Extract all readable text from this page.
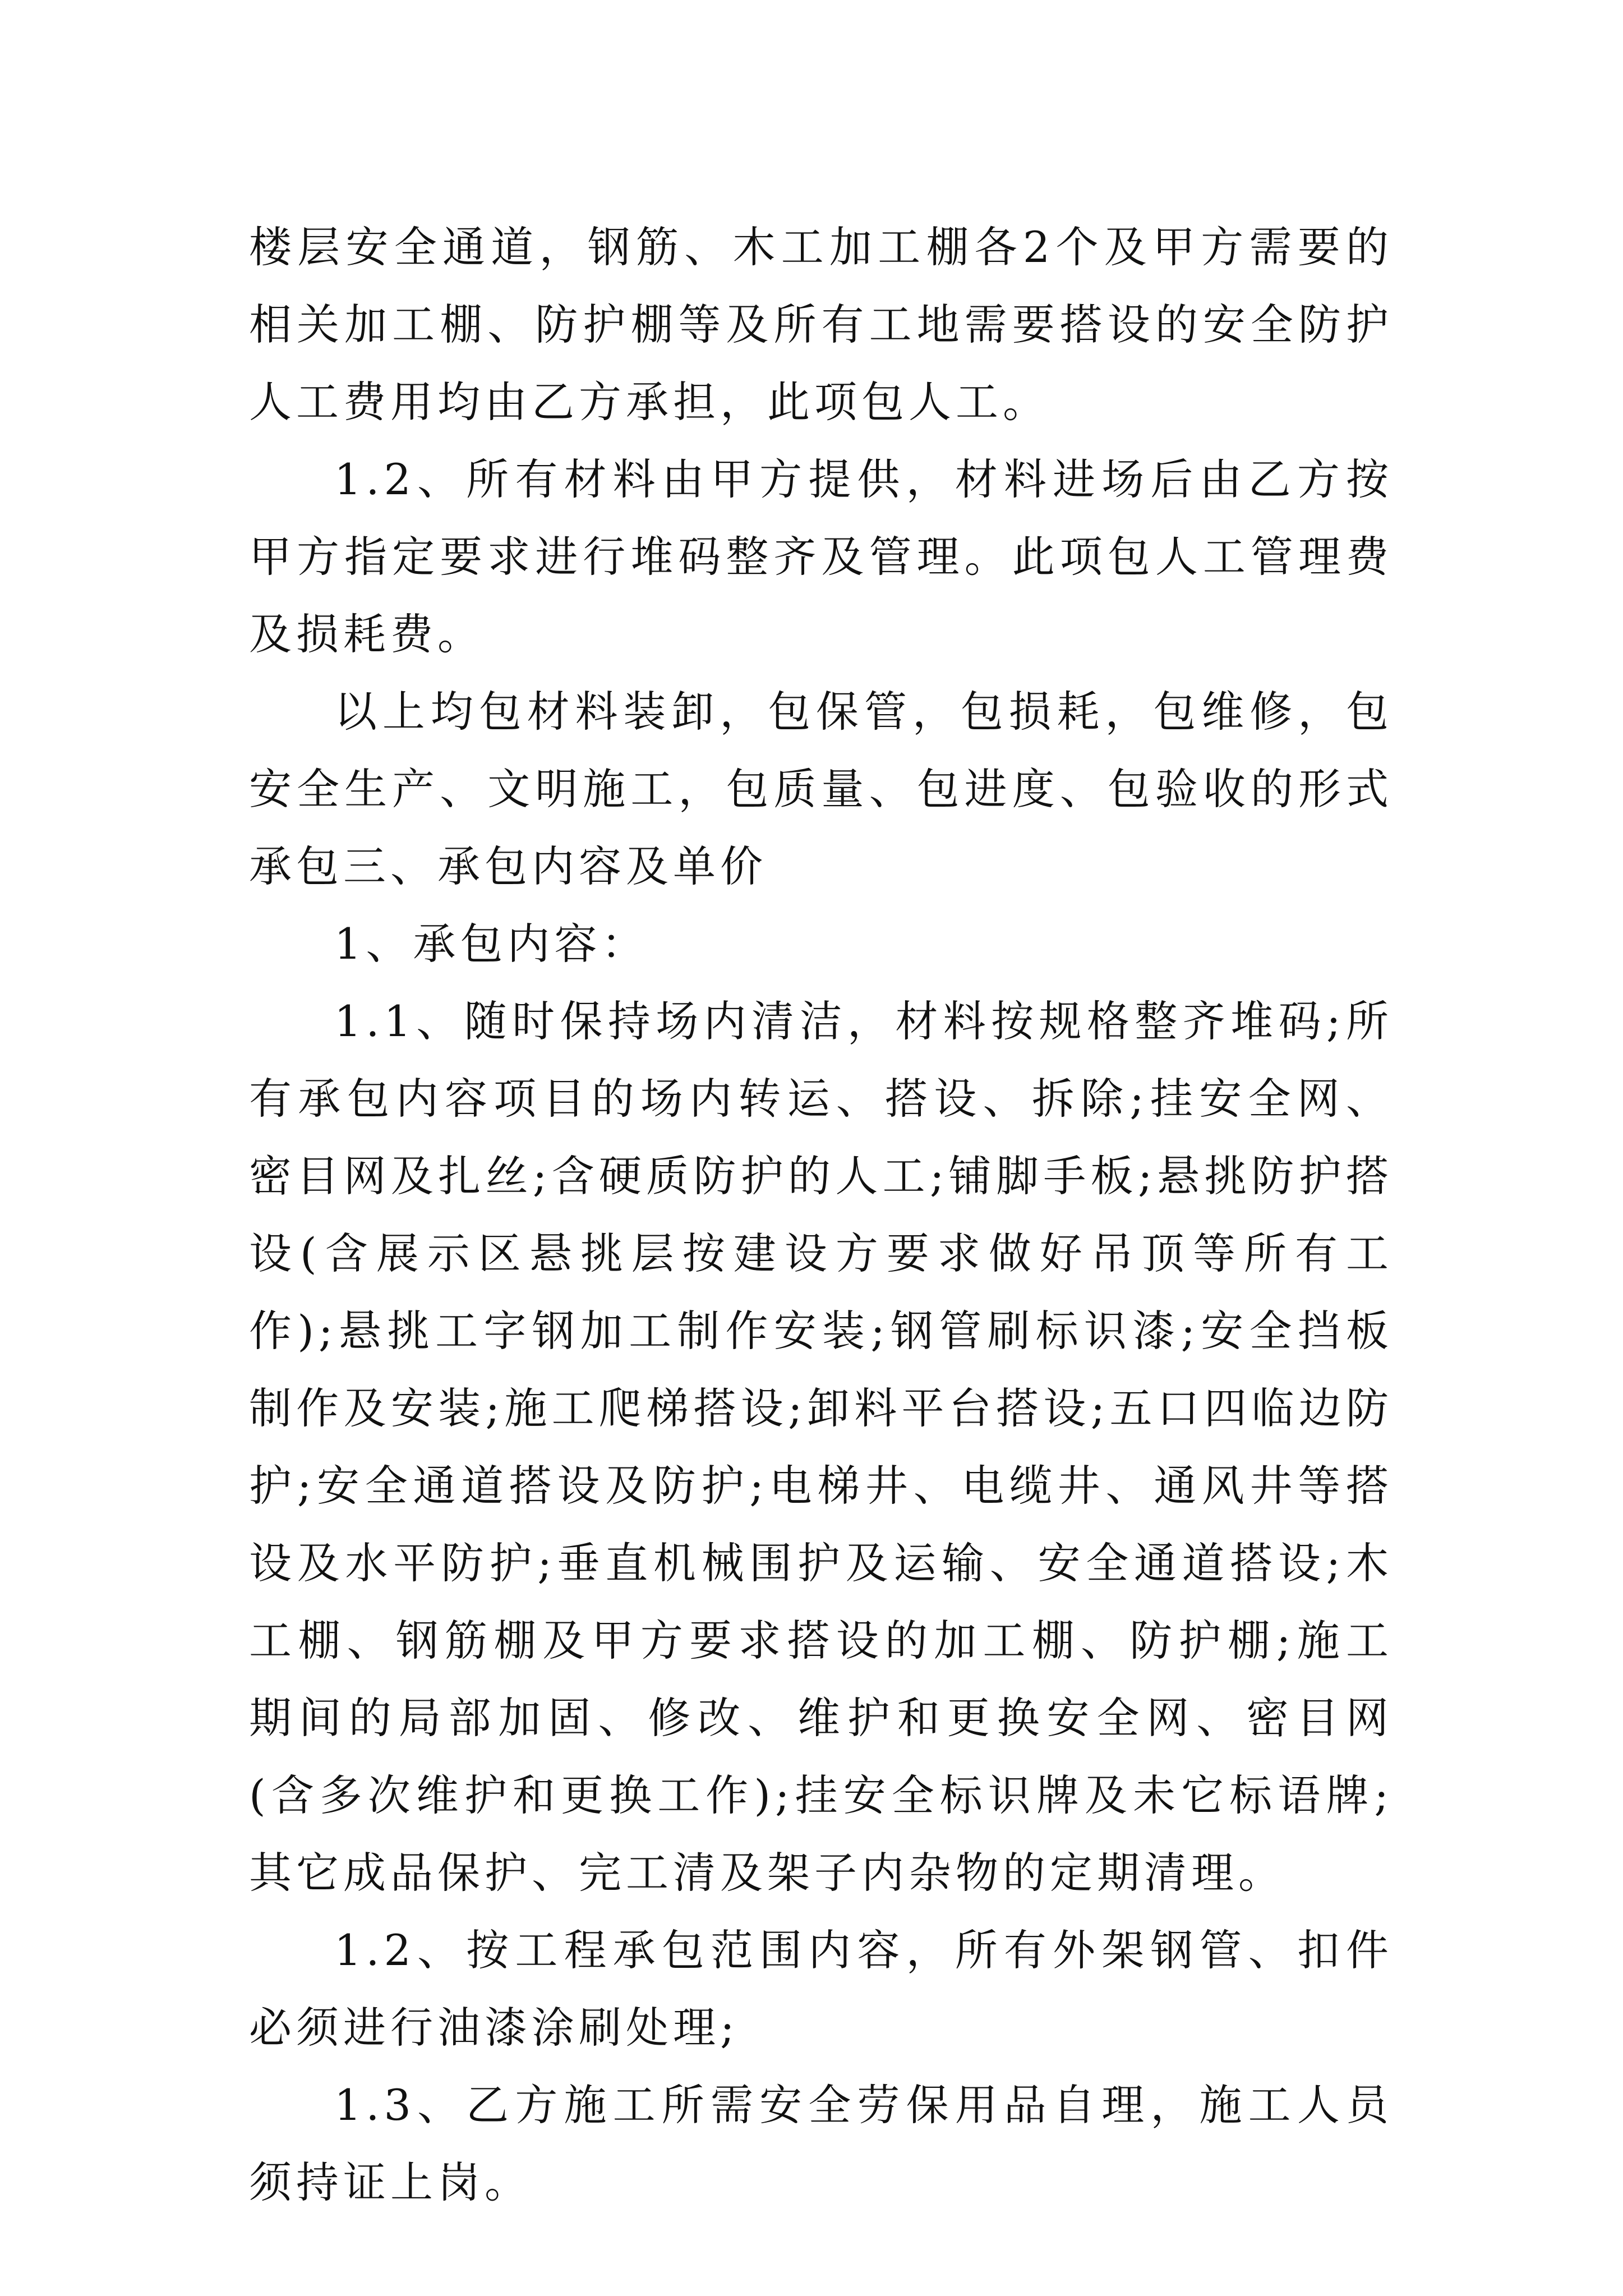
楼层安全通道，钢筋、木工加工棚各2个及甲方需要的相关加工棚、防护棚等及所有工地需要搭设的安全防护人工费用均由乙方承担，此项包人工。

1.2、所有材料由甲方提供，材料进场后由乙方按甲方指定要求进行堆码整齐及管理。此项包人工管理费及损耗费。

以上均包材料装卸，包保管，包损耗，包维修，包安全生产、文明施工，包质量、包进度、包验收的形式承包三、承包内容及单价

1、承包内容：

1.1、随时保持场内清洁，材料按规格整齐堆码;所有承包内容项目的场内转运、搭设、拆除;挂安全网、密目网及扎丝;含硬质防护的人工;铺脚手板;悬挑防护搭设(含展示区悬挑层按建设方要求做好吊顶等所有工作);悬挑工字钢加工制作安装;钢管刷标识漆;安全挡板制作及安装;施工爬梯搭设;卸料平台搭设;五口四临边防护;安全通道搭设及防护;电梯井、电缆井、通风井等搭设及水平防护;垂直机械围护及运输、安全通道搭设;木工棚、钢筋棚及甲方要求搭设的加工棚、防护棚;施工期间的局部加固、修改、维护和更换安全网、密目网(含多次维护和更换工作);挂安全标识牌及未它标语牌;其它成品保护、完工清及架子内杂物的定期清理。

1.2、按工程承包范围内容，所有外架钢管、扣件必须进行油漆涂刷处理;

1.3、乙方施工所需安全劳保用品自理，施工人员须持证上岗。
